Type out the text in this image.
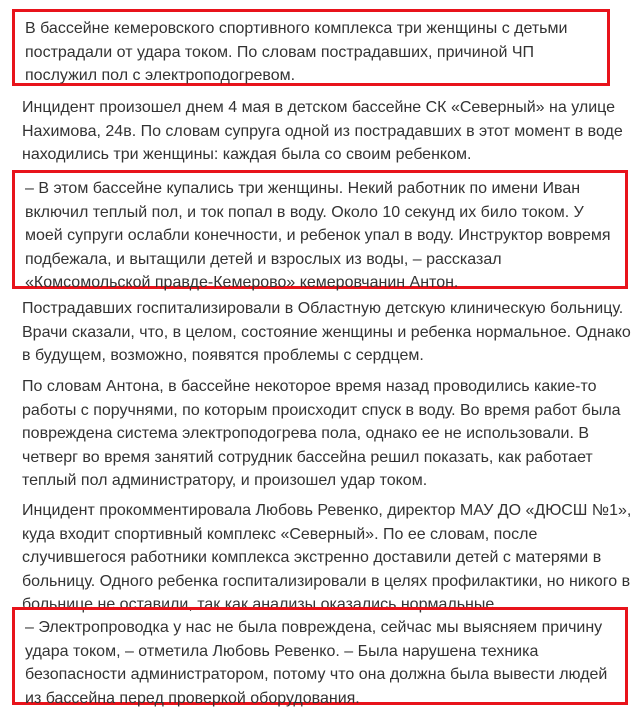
В бассейне кемеровского спортивного комплекса три женщины с детьми пострадали от удара током. По словам пострадавших, причиной ЧП послужил пол с электроподогревом.

Инцидент произошел днем 4 мая в детском бассейне СК «Северный» на улице Нахимова, 24в. По словам супруга одной из пострадавших в этот момент в воде находились три женщины: каждая была со своим ребенком.

– В этом бассейне купались три женщины. Некий работник по имени Иван включил теплый пол, и ток попал в воду. Около 10 секунд их било током. У моей супруги ослабли конечности, и ребенок упал в воду. Инструктор вовремя подбежала, и вытащили детей и взрослых из воды, – рассказал «Комсомольской правде-Кемерово» кемеровчанин Антон.

Пострадавших госпитализировали в Областную детскую клиническую больницу. Врачи сказали, что, в целом, состояние женщины и ребенка нормальное. Однако в будущем, возможно, появятся проблемы с сердцем.

По словам Антона, в бассейне некоторое время назад проводились какие-то работы с поручнями, по которым происходит спуск в воду. Во время работ была повреждена система электроподогрева пола, однако ее не использовали. В четверг во время занятий сотрудник бассейна решил показать, как работает теплый пол администратору, и произошел удар током.

Инцидент прокомментировала Любовь Ревенко, директор МАУ ДО «ДЮСШ №1», куда входит спортивный комплекс «Северный». По ее словам, после случившегося работники комплекса экстренно доставили детей с матерями в больницу. Одного ребенка госпитализировали в целях профилактики, но никого в больнице не оставили, так как анализы оказались нормальные.

– Электропроводка у нас не была повреждена, сейчас мы выясняем причину удара током, – отметила Любовь Ревенко. – Была нарушена техника безопасности администратором, потому что она должна была вывести людей из бассейна перед проверкой оборудования.
